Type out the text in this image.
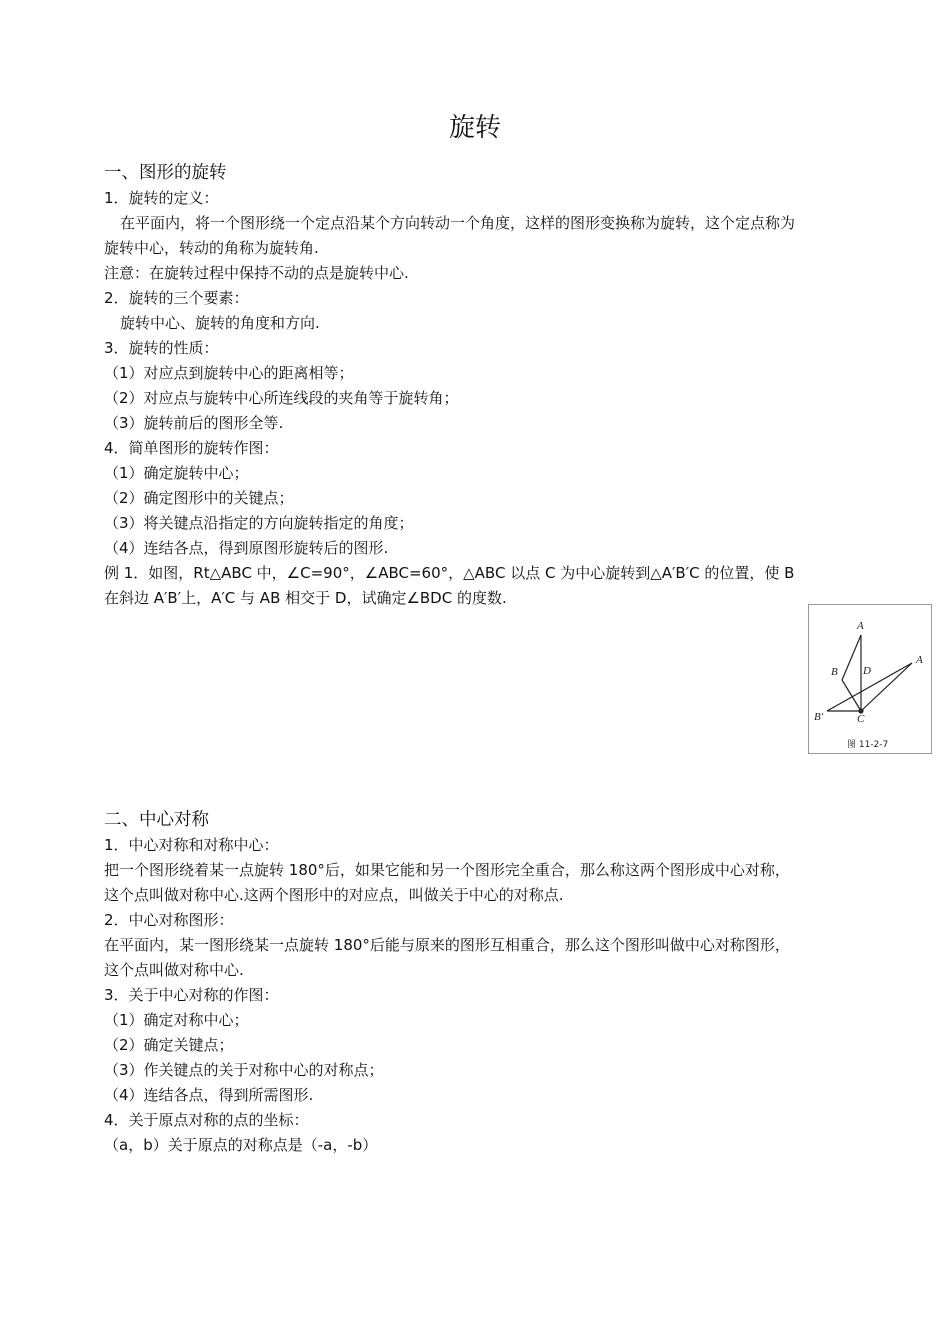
旋转
一、图形的旋转
1．旋转的定义：
在平面内，将一个图形绕一个定点沿某个方向转动一个角度，这样的图形变换称为旋转，这个定点称为
旋转中心，转动的角称为旋转角.
注意：在旋转过程中保持不动的点是旋转中心.
2．旋转的三个要素：
旋转中心、旋转的角度和方向.
3．旋转的性质：
（1）对应点到旋转中心的距离相等；
（2）对应点与旋转中心所连线段的夹角等于旋转角；
（3）旋转前后的图形全等.
4．简单图形的旋转作图：
（1）确定旋转中心；
（2）确定图形中的关键点；
（3）将关键点沿指定的方向旋转指定的角度；
（4）连结各点，得到原图形旋转后的图形.
例 1．如图，Rt△ABC 中，∠C=90°，∠ABC=60°，△ABC 以点 C 为中心旋转到△A′B′C 的位置，使 B
在斜边 A′B′上，A′C 与 AB 相交于 D，试确定∠BDC 的度数.
A
A
B D
B′	C
图 11-2-7
二、中心对称
1．中心对称和对称中心：
把一个图形绕着某一点旋转 180°后，如果它能和另一个图形完全重合，那么称这两个图形成中心对称，
这个点叫做对称中心.这两个图形中的对应点，叫做关于中心的对称点.
2．中心对称图形：
在平面内，某一图形绕某一点旋转 180°后能与原来的图形互相重合，那么这个图形叫做中心对称图形，
这个点叫做对称中心.
3．关于中心对称的作图：
（1）确定对称中心；
（2）确定关键点；
（3）作关键点的关于对称中心的对称点；
（4）连结各点，得到所需图形.
4．关于原点对称的点的坐标：
（a，b）关于原点的对称点是（-a，-b）
